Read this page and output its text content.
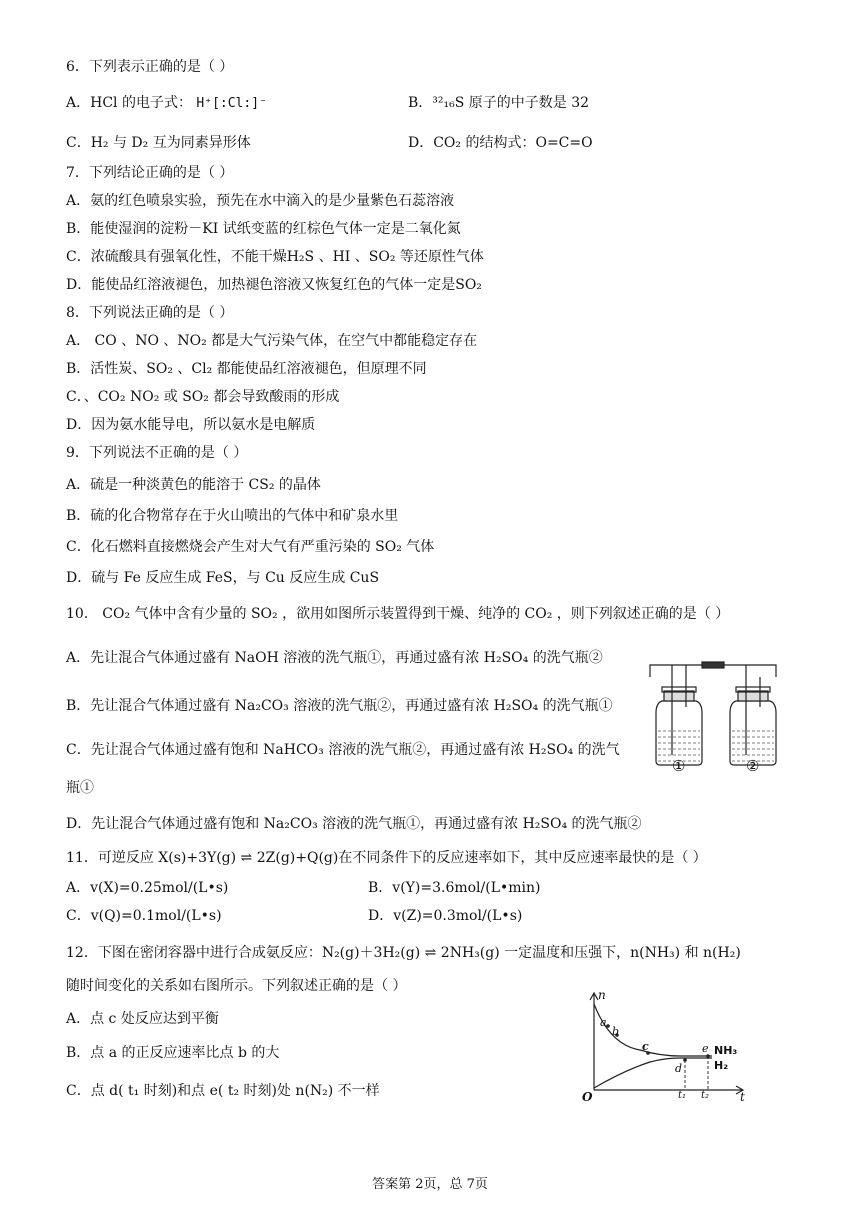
6．下列表示正确的是（ ）
A．HCl 的电子式： H⁺[:Cl:]⁻	B．³²₁₆S 原子的中子数是 32
C．H₂ 与 D₂ 互为同素异形体	D．CO₂ 的结构式：O=C=O
7．下列结论正确的是（ ）
A．氨的红色喷泉实验，预先在水中滴入的是少量紫色石蕊溶液
B．能使湿润的淀粉－KI 试纸变蓝的红棕色气体一定是二氧化氮
C．浓硫酸具有强氧化性，不能干燥H₂S 、HI 、SO₂ 等还原性气体
D．能使品红溶液褪色，加热褪色溶液又恢复红色的气体一定是SO₂
8．下列说法正确的是（ ）
A． CO 、NO 、NO₂ 都是大气污染气体，在空气中都能稳定存在
B．活性炭、SO₂ 、Cl₂ 都能使品红溶液褪色，但原理不同
C．、CO₂ NO₂ 或 SO₂ 都会导致酸雨的形成
D．因为氨水能导电，所以氨水是电解质
9．下列说法不正确的是（ ）
A．硫是一种淡黄色的能溶于 CS₂ 的晶体
B．硫的化合物常存在于火山喷出的气体中和矿泉水里
C．化石燃料直接燃烧会产生对大气有严重污染的 SO₂ 气体
D．硫与 Fe 反应生成 FeS，与 Cu 反应生成 CuS
10． CO₂ 气体中含有少量的 SO₂ ，欲用如图所示装置得到干燥、纯净的 CO₂ ，则下列叙述正确的是（ ）
A．先让混合气体通过盛有 NaOH 溶液的洗气瓶①，再通过盛有浓 H₂SO₄ 的洗气瓶②
B．先让混合气体通过盛有 Na₂CO₃ 溶液的洗气瓶②，再通过盛有浓 H₂SO₄ 的洗气瓶①
C．先让混合气体通过盛有饱和 NaHCO₃ 溶液的洗气瓶②，再通过盛有浓 H₂SO₄ 的洗气
瓶①
D．先让混合气体通过盛有饱和 Na₂CO₃ 溶液的洗气瓶①，再通过盛有浓 H₂SO₄ 的洗气瓶②
①	②
11．可逆反应 X(s)+3Y(g) ⇌ 2Z(g)+Q(g)在不同条件下的反应速率如下，其中反应速率最快的是（ ）
A．v(X)=0.25mol/(L•s)	B．v(Y)=3.6mol/(L•min)
C．v(Q)=0.1mol/(L•s)	D．v(Z)=0.3mol/(L•s)
12．下图在密闭容器中进行合成氨反应：N₂(g)＋3H₂(g) ⇌ 2NH₃(g) 一定温度和压强下，n(NH₃) 和 n(H₂)
随时间变化的关系如右图所示。下列叙述正确的是（ ）
A．点 c 处反应达到平衡
B．点 a 的正反应速率比点 b 的大
C．点 d( t₁ 时刻)和点 e( t₂ 时刻)处 n(N₂) 不一样
n
t
O
a
b
c
d
e NH₃
H₂
t₁ t₂
答案第 2页，总 7页
